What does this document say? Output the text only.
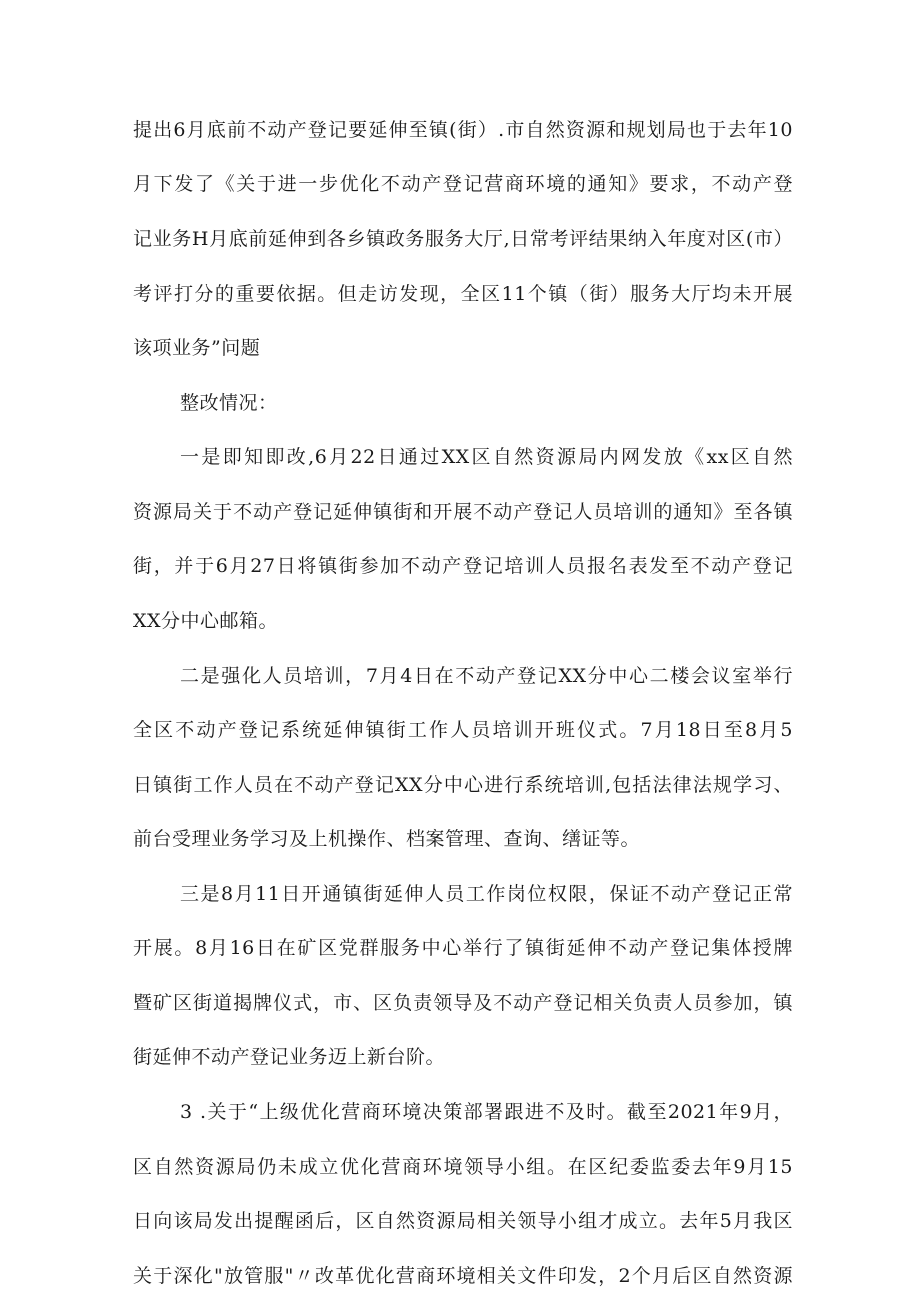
提出6月底前不动产登记要延伸至镇(街）.市自然资源和规划局也于去年10
月下发了《关于进一步优化不动产登记营商环境的通知》要求，不动产登
记业务H月底前延伸到各乡镇政务服务大厅,日常考评结果纳入年度对区(市）
考评打分的重要依据。但走访发现，全区11个镇（街）服务大厅均未开展
该项业务”问题
整改情况：
一是即知即改,6月22日通过XX区自然资源局内网发放《xx区自然
资源局关于不动产登记延伸镇街和开展不动产登记人员培训的通知》至各镇
街，并于6月27日将镇街参加不动产登记培训人员报名表发至不动产登记
XX分中心邮箱。
二是强化人员培训，7月4日在不动产登记XX分中心二楼会议室举行
全区不动产登记系统延伸镇街工作人员培训开班仪式。7月18日至8月5
日镇街工作人员在不动产登记XX分中心进行系统培训,包括法律法规学习、
前台受理业务学习及上机操作、档案管理、查询、缮证等。
三是8月11日开通镇街延伸人员工作岗位权限，保证不动产登记正常
开展。8月16日在矿区党群服务中心举行了镇街延伸不动产登记集体授牌
暨矿区街道揭牌仪式，市、区负责领导及不动产登记相关负责人员参加，镇
街延伸不动产登记业务迈上新台阶。
3 .关于“上级优化营商环境决策部署跟进不及时。截至2021年9月，
区自然资源局仍未成立优化营商环境领导小组。在区纪委监委去年9月15
日向该局发出提醒函后，区自然资源局相关领导小组才成立。去年5月我区
关于深化"放管服"〃改革优化营商环境相关文件印发，2个月后区自然资源
